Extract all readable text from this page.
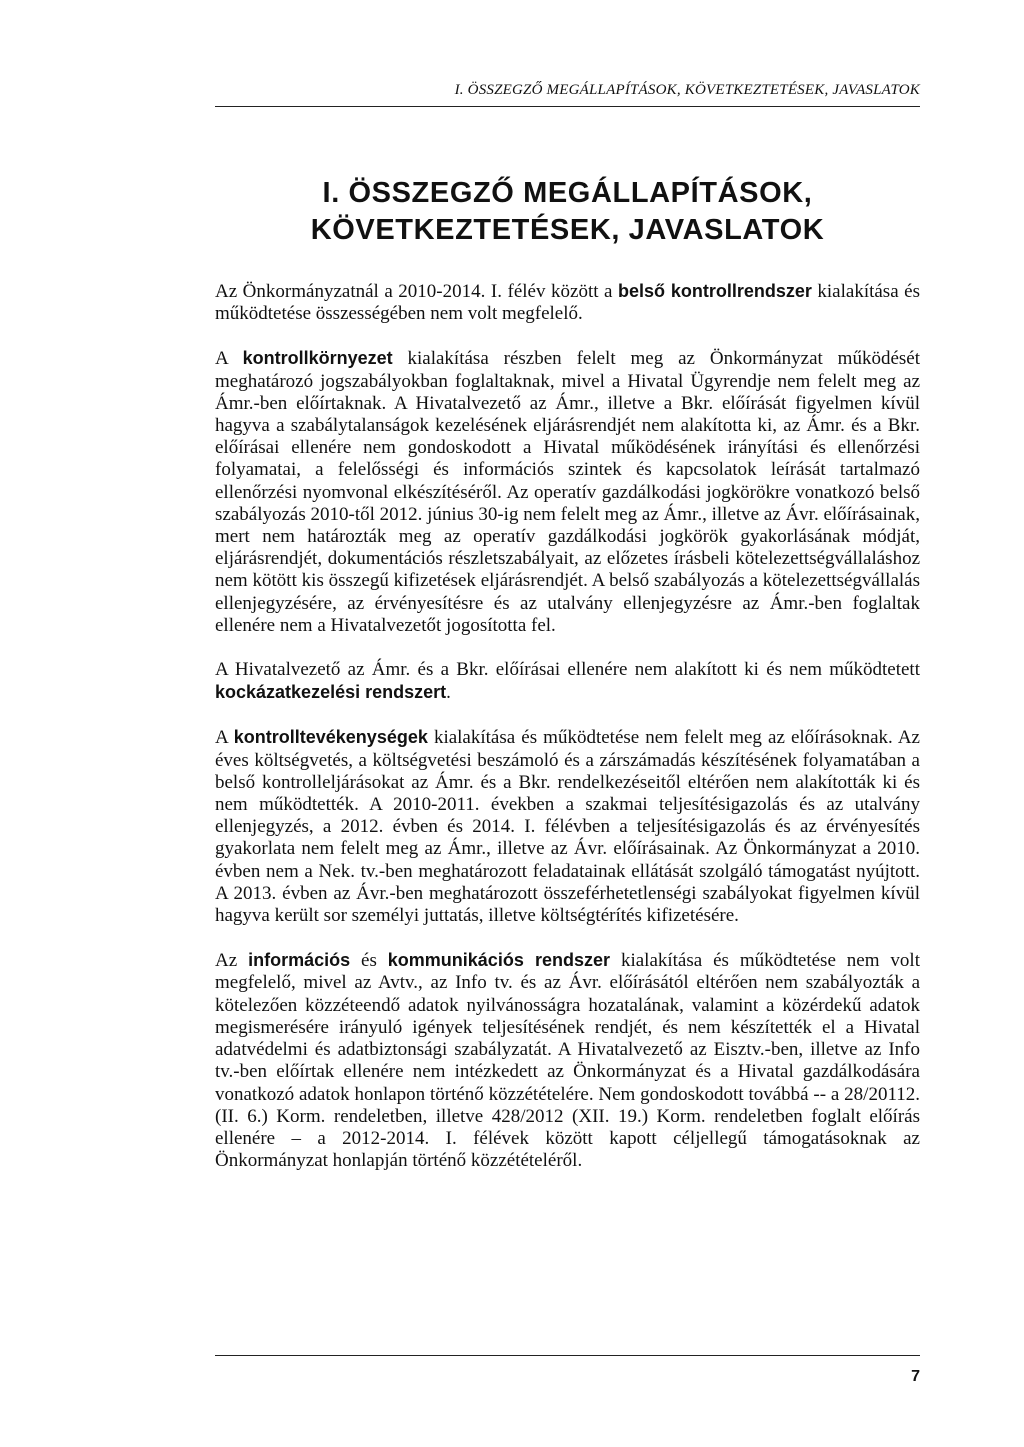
I. ÖSSZEGZŐ MEGÁLLAPÍTÁSOK, KÖVETKEZTETÉSEK, JAVASLATOK
I. ÖSSZEGZŐ MEGÁLLAPÍTÁSOK, KÖVETKEZTETÉSEK, JAVASLATOK

Az Önkormányzatnál a 2010-2014. I. félév között a belső kontrollrendszer kialakítása és működtetése összességében nem volt megfelelő.

A kontrollkörnyezet kialakítása részben felelt meg az Önkormányzat működését meghatározó jogszabályokban foglaltaknak, mivel a Hivatal Ügyrendje nem felelt meg az Ámr.-ben előírtaknak. A Hivatalvezető az Ámr., illetve a Bkr. előírását figyelmen kívül hagyva a szabálytalanságok kezelésének eljárásrendjét nem alakította ki, az Ámr. és a Bkr. előírásai ellenére nem gondoskodott a Hivatal működésének irányítási és ellenőrzési folyamatai, a felelősségi és információs szintek és kapcsolatok leírását tartalmazó ellenőrzési nyomvonal elkészítéséről. Az operatív gazdálkodási jogkörökre vonatkozó belső szabályozás 2010-től 2012. június 30-ig nem felelt meg az Ámr., illetve az Ávr. előírásainak, mert nem határozták meg az operatív gazdálkodási jogkörök gyakorlásának módját, eljárásrendjét, dokumentációs részletszabályait, az előzetes írásbeli kötelezettségvállaláshoz nem kötött kis összegű kifizetések eljárásrendjét. A belső szabályozás a kötelezettségvállalás ellenjegyzésére, az érvényesítésre és az utalvány ellenjegyzésre az Ámr.-ben foglaltak ellenére nem a Hivatalvezetőt jogosította fel.

A Hivatalvezető az Ámr. és a Bkr. előírásai ellenére nem alakított ki és nem működtetett kockázatkezelési rendszert.

A kontrolltevékenységek kialakítása és működtetése nem felelt meg az előírásoknak. Az éves költségvetés, a költségvetési beszámoló és a zárszámadás készítésének folyamatában a belső kontrolleljárásokat az Ámr. és a Bkr. rendelkezéseitől eltérően nem alakították ki és nem működtették. A 2010-2011. években a szakmai teljesítésigazolás és az utalvány ellenjegyzés, a 2012. évben és 2014. I. félévben a teljesítésigazolás és az érvényesítés gyakorlata nem felelt meg az Ámr., illetve az Ávr. előírásainak. Az Önkormányzat a 2010. évben nem a Nek. tv.-ben meghatározott feladatainak ellátását szolgáló támogatást nyújtott. A 2013. évben az Ávr.-ben meghatározott összeférhetetlenségi szabályokat figyelmen kívül hagyva került sor személyi juttatás, illetve költségtérítés kifizetésére.

Az információs és kommunikációs rendszer kialakítása és működtetése nem volt megfelelő, mivel az Avtv., az Info tv. és az Ávr. előírásától eltérően nem szabályozták a kötelezően közzéteendő adatok nyilvánosságra hozatalának, valamint a közérdekű adatok megismerésére irányuló igények teljesítésének rendjét, és nem készítették el a Hivatal adatvédelmi és adatbiztonsági szabályzatát. A Hivatalvezető az Eisztv.-ben, illetve az Info tv.-ben előírtak ellenére nem intézkedett az Önkormányzat és a Hivatal gazdálkodására vonatkozó adatok honlapon történő közzétételére. Nem gondoskodott továbbá -- a 28/20112. (II. 6.) Korm. rendeletben, illetve 428/2012 (XII. 19.) Korm. rendeletben foglalt előírás ellenére – a 2012-2014. I. félévek között kapott céljellegű támogatásoknak az Önkormányzat honlapján történő közzétételéről.

7
